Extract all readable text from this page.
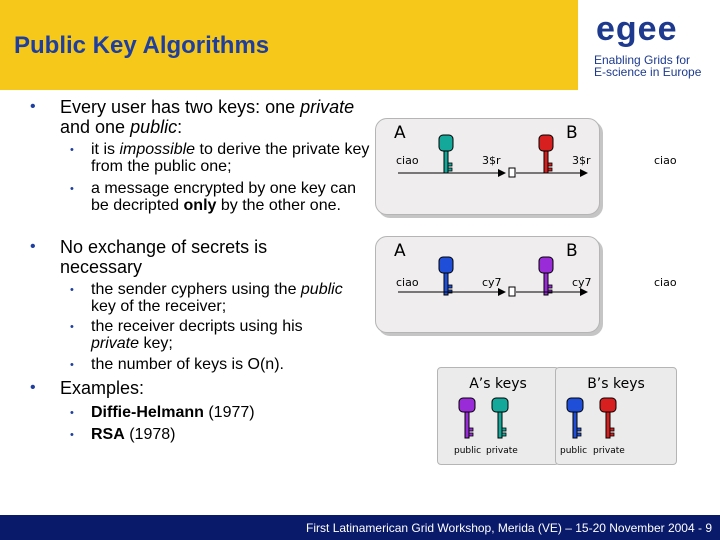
Public Key Algorithms	egee
Enabling Grids for
E-science in Europe
• Every user has two keys: one private and one public:
• it is impossible to derive the private key from the public one;
• a message encrypted by one key can be decripted only by the other one.
• No exchange of secrets is necessary
• the sender cyphers using the public key of the receiver;
• the receiver decripts using his private key;
• the number of keys is O(n).
• Examples:
• Diffie-Helmann (1977)
• RSA (1978)
A	B
ciao	3$r	3$r	ciao
A	B
ciao	cy7	cy7	ciao
A’s keys
public private
B’s keys
public private
First Latinamerican Grid Workshop, Merida (VE) – 15-20 November 2004 - 9
